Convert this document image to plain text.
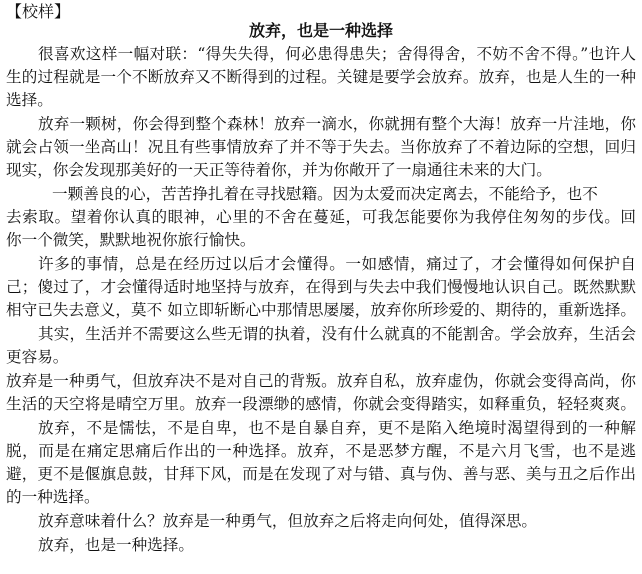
【校样】
放弃，也是一种选择
很喜欢这样一幅对联：“得失失得，何必患得患失；舍得得舍，不妨不舍不得。”也许人
生的过程就是一个不断放弃又不断得到的过程。关键是要学会放弃。放弃，也是人生的一种
选择。
放弃一颗树，你会得到整个森林！放弃一滴水，你就拥有整个大海！放弃一片洼地，你
就会占领一坐高山！况且有些事情放弃了并不等于失去。当你放弃了不着边际的空想，回归
现实，你会发现那美好的一天正等待着你，并为你敞开了一扇通往未来的大门。
一颗善良的心，苦苦挣扎着在寻找慰籍。因为太爱而决定离去，不能给予，也不
去索取。望着你认真的眼神，心里的不舍在蔓延，可我怎能要你为我停住匆匆的步伐。回
你一个微笑，默默地祝你旅行愉快。
许多的事情，总是在经历过以后才会懂得。一如感情，痛过了，才会懂得如何保护自
己；傻过了，才会懂得适时地坚持与放弃，在得到与失去中我们慢慢地认识自己。既然默默
相守已失去意义，莫不 如立即斩断心中那情思屡屡，放弃你所珍爱的、期待的，重新选择。
其实，生活并不需要这么些无谓的执着，没有什么就真的不能割舍。学会放弃，生活会
更容易。
放弃是一种勇气，但放弃决不是对自己的背叛。放弃自私，放弃虚伪，你就会变得高尚，你
生活的天空将是晴空万里。放弃一段漂缈的感情，你就会变得踏实，如释重负，轻轻爽爽。
放弃，不是懦怯，不是自卑，也不是自暴自弃，更不是陷入绝境时渴望得到的一种解
脱，而是在痛定思痛后作出的一种选择。放弃，不是恶梦方醒，不是六月飞雪，也不是逃
避，更不是偃旗息鼓，甘拜下风，而是在发现了对与错、真与伪、善与恶、美与丑之后作出
的一种选择。
放弃意味着什么？放弃是一种勇气，但放弃之后将走向何处，值得深思。
放弃，也是一种选择。
